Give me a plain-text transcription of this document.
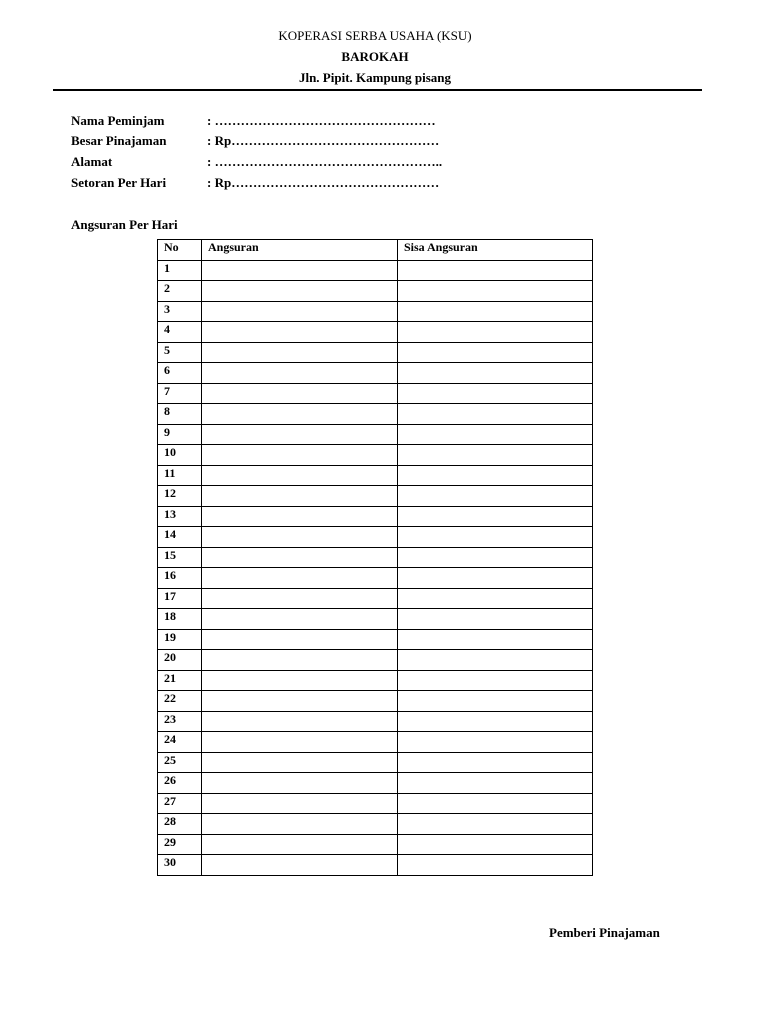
KOPERASI SERBA USAHA (KSU)
BAROKAH
Jln. Pipit. Kampung pisang
Nama Peminjam	: ……………………………………………
Besar Pinajaman	: Rp…………………………………………
Alamat	: ……………………………………………..
Setoran Per Hari	: Rp…………………………………………
Angsuran Per Hari
No	Angsuran	Sisa Angsuran
1		
2		
3		
4		
5		
6		
7		
8		
9		
10		
11		
12		
13		
14		
15		
16		
17		
18		
19		
20		
21		
22		
23		
24		
25		
26		
27		
28		
29		
30		
Pemberi Pinajaman
